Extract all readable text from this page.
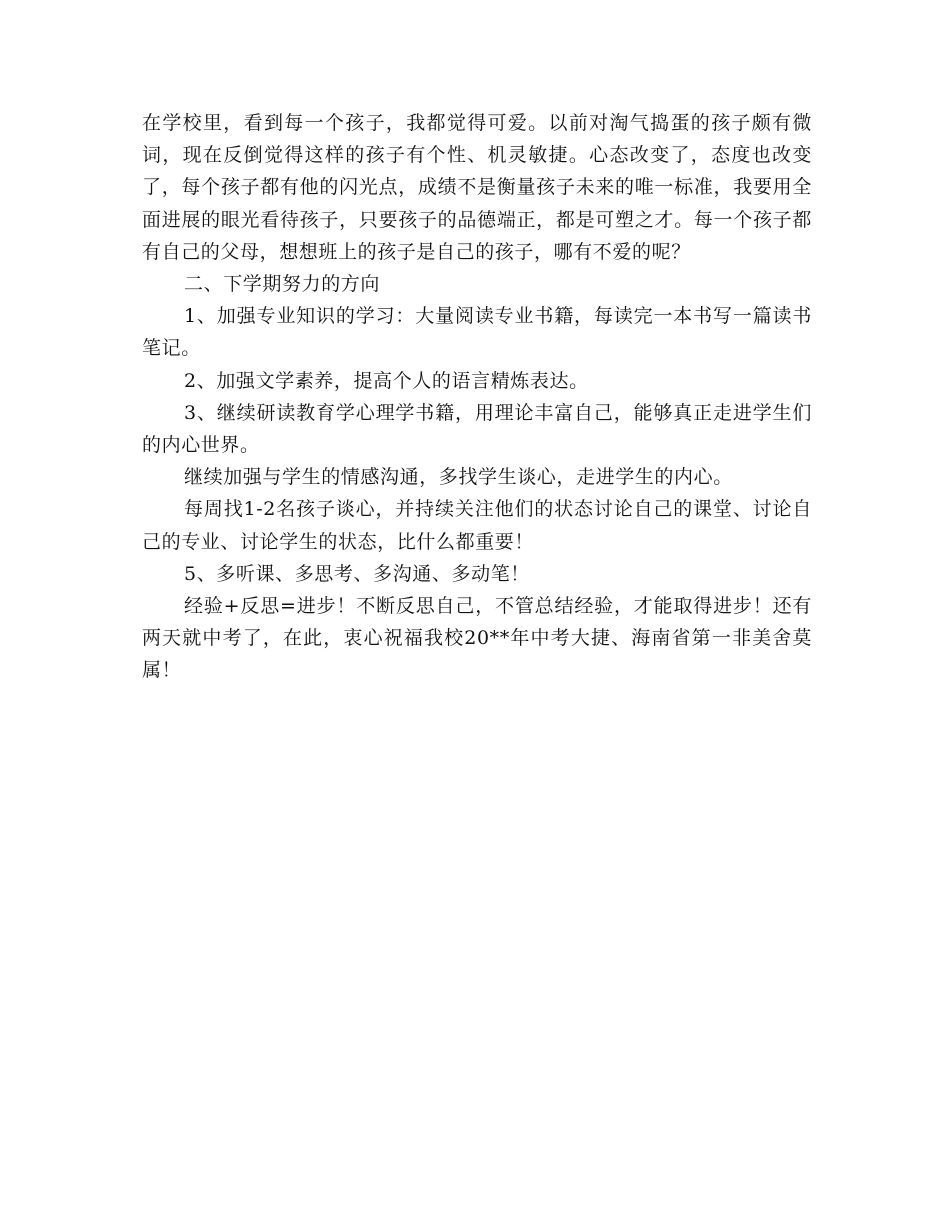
在学校里，看到每一个孩子，我都觉得可爱。以前对淘气捣蛋的孩子颇有微词，现在反倒觉得这样的孩子有个性、机灵敏捷。心态改变了，态度也改变了，每个孩子都有他的闪光点，成绩不是衡量孩子未来的唯一标准，我要用全面进展的眼光看待孩子，只要孩子的品德端正，都是可塑之才。每一个孩子都有自己的父母，想想班上的孩子是自己的孩子，哪有不爱的呢？

二、下学期努力的方向

1、加强专业知识的学习：大量阅读专业书籍，每读完一本书写一篇读书笔记。

2、加强文学素养，提高个人的语言精炼表达。

3、继续研读教育学心理学书籍，用理论丰富自己，能够真正走进学生们的内心世界。

继续加强与学生的情感沟通，多找学生谈心，走进学生的内心。

每周找1-2名孩子谈心，并持续关注他们的状态讨论自己的课堂、讨论自己的专业、讨论学生的状态，比什么都重要！

5、多听课、多思考、多沟通、多动笔！

经验+反思=进步！不断反思自己，不管总结经验，才能取得进步！还有两天就中考了，在此，衷心祝福我校20**年中考大捷、海南省第一非美舍莫属！
